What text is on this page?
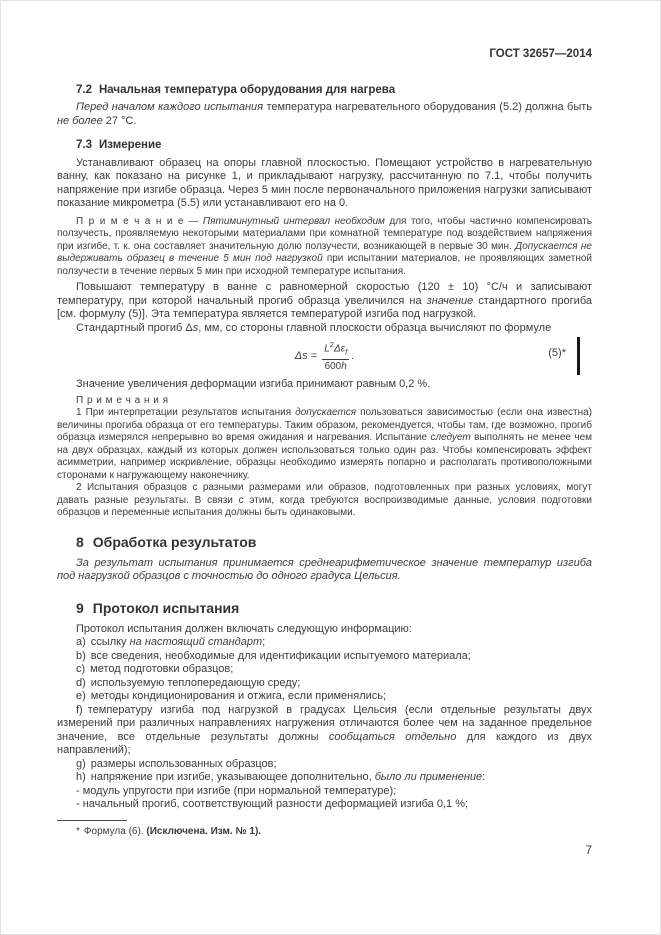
ГОСТ 32657—2014
7.2 Начальная температура оборудования для нагрева

Перед началом каждого испытания температура нагревательного оборудования (5.2) должна быть не более 27 °С.

7.3 Измерение

Устанавливают образец на опоры главной плоскостью. Помещают устройство в нагревательную ванну, как показано на рисунке 1, и прикладывают нагрузку, рассчитанную по 7.1, чтобы получить напряжение при изгибе образца. Через 5 мин после первоначального приложения нагрузки записывают показание микрометра (5.5) или устанавливают его на 0.

П р и м е ч а н и е — Пятиминутный интервал необходим для того, чтобы частично компенсировать ползучесть, проявляемую некоторыми материалами при комнатной температуре под воздействием напряжения при изгибе, т. к. она составляет значительную долю ползучести, возникающей в первые 30 мин. Допускается не выдерживать образец в течение 5 мин под нагрузкой при испытании материалов, не проявляющих заметной ползучести в течение первых 5 мин при исходной температуре испытания.

Повышают температуру в ванне с равномерной скоростью (120 ± 10) °С/ч и записывают температуру, при которой начальный прогиб образца увеличился на значение стандартного прогиба [см. формулу (5)]. Эта температура является температурой изгиба под нагрузкой.

Стандартный прогиб Δs, мм, со стороны главной плоскости образца вычисляют по формуле

$\Delta s = \frac{L^2\Delta\varepsilon_f}{600h}$ .	(5)*

Значение увеличения деформации изгиба принимают равным 0,2 %.

П р и м е ч а н и я

1 При интерпретации результатов испытания допускается пользоваться зависимостью (если она известна) величины прогиба образца от его температуры. Таким образом, рекомендуется, чтобы там, где возможно, прогиб образца измерялся непрерывно во время ожидания и нагревания. Испытание следует выполнять не менее чем на двух образцах, каждый из которых должен использоваться только один раз. Чтобы компенсировать эффект асимметрии, например искривление, образцы необходимо измерять попарно и располагать противоположными сторонами к нагружающему наконечнику.

2 Испытания образцов с разными размерами или образов, подготовленных при разных условиях, могут давать разные результаты. В связи с этим, когда требуются воспроизводимые данные, условия подготовки образцов и переменные испытания должны быть одинаковыми.

8 Обработка результатов

За результат испытания принимается среднеарифметическое значение температур изгиба под нагрузкой образцов с точностью до одного градуса Цельсия.

9 Протокол испытания

Протокол испытания должен включать следующую информацию:

a) ссылку на настоящий стандарт;

b) все сведения, необходимые для идентификации испытуемого материала;

c) метод подготовки образцов;

d) используемую теплопередающую среду;

e) методы кондиционирования и отжига, если применялись;

f) температуру изгиба под нагрузкой в градусах Цельсия (если отдельные результаты двух измерений при различных направлениях нагружения отличаются более чем на заданное предельное значение, все отдельные результаты должны сообщаться отдельно для каждого из двух направлений);

g) размеры использованных образцов;

h) напряжение при изгибе, указывающее дополнительно, было ли применение:

- модуль упругости при изгибе (при нормальной температуре);

- начальный прогиб, соответствующий разности деформацией изгиба 0,1 %;

* Формула (6). (Исключена. Изм. № 1).

7
